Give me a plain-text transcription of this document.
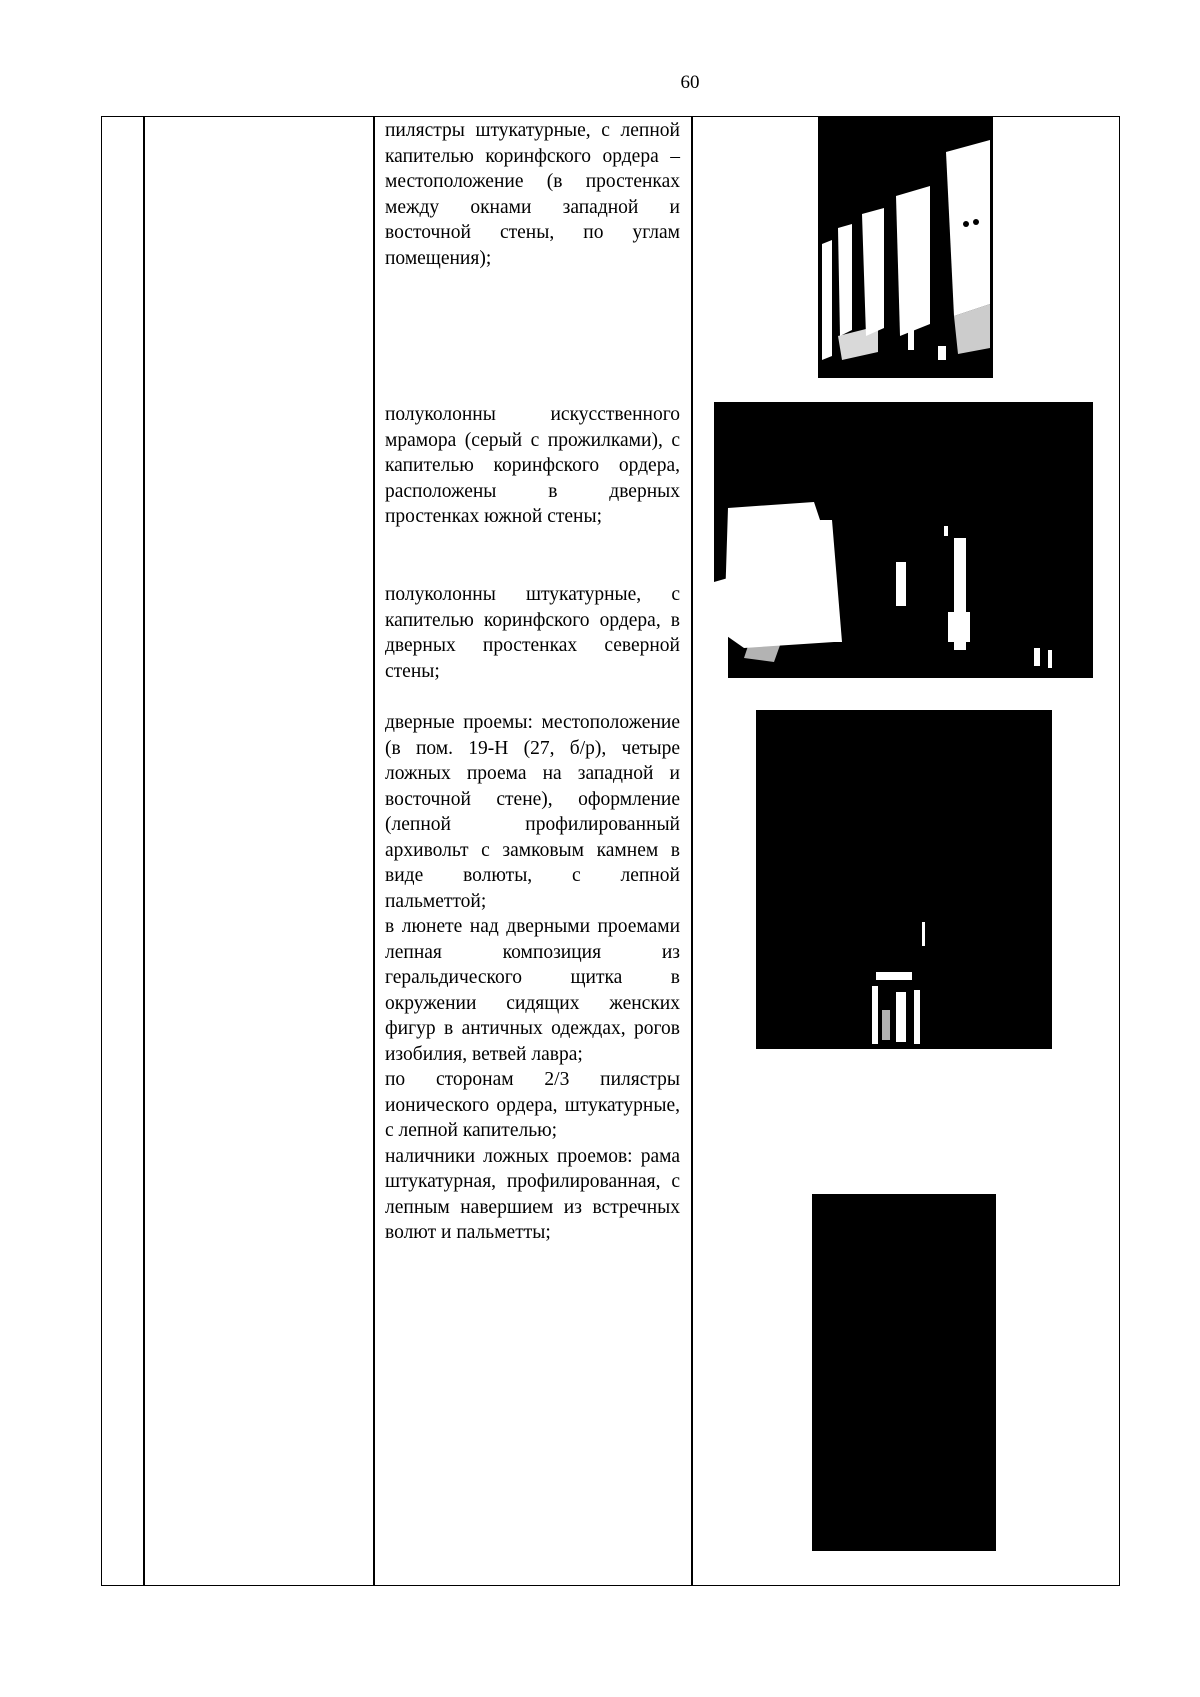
60

пилястры штукатурные, с лепной капителью коринфского ордера – местоположение (в простенках между окнами западной и восточной стены, по углам помещения);

полуколонны искусственного мрамора (серый с прожилками), с капителью коринфского ордера, расположены в дверных простенках южной стены;

полуколонны штукатурные, с капителью коринфского ордера, в дверных простенках северной стены;

дверные проемы: местоположение (в пом. 19-Н (27, б/р), четыре ложных проема на западной и восточной стене), оформление (лепной профилированный архивольт с замковым камнем в виде волюты, с лепной пальметтой;

в люнете над дверными проемами лепная композиция из геральдического щитка в окружении сидящих женских фигур в античных одеждах, рогов изобилия, ветвей лавра;

по сторонам 2/3 пилястры ионического ордера, штукатурные, с лепной капителью;

наличники ложных проемов: рама штукатурная, профилированная, с лепным навершием из встречных волют и пальметты;
